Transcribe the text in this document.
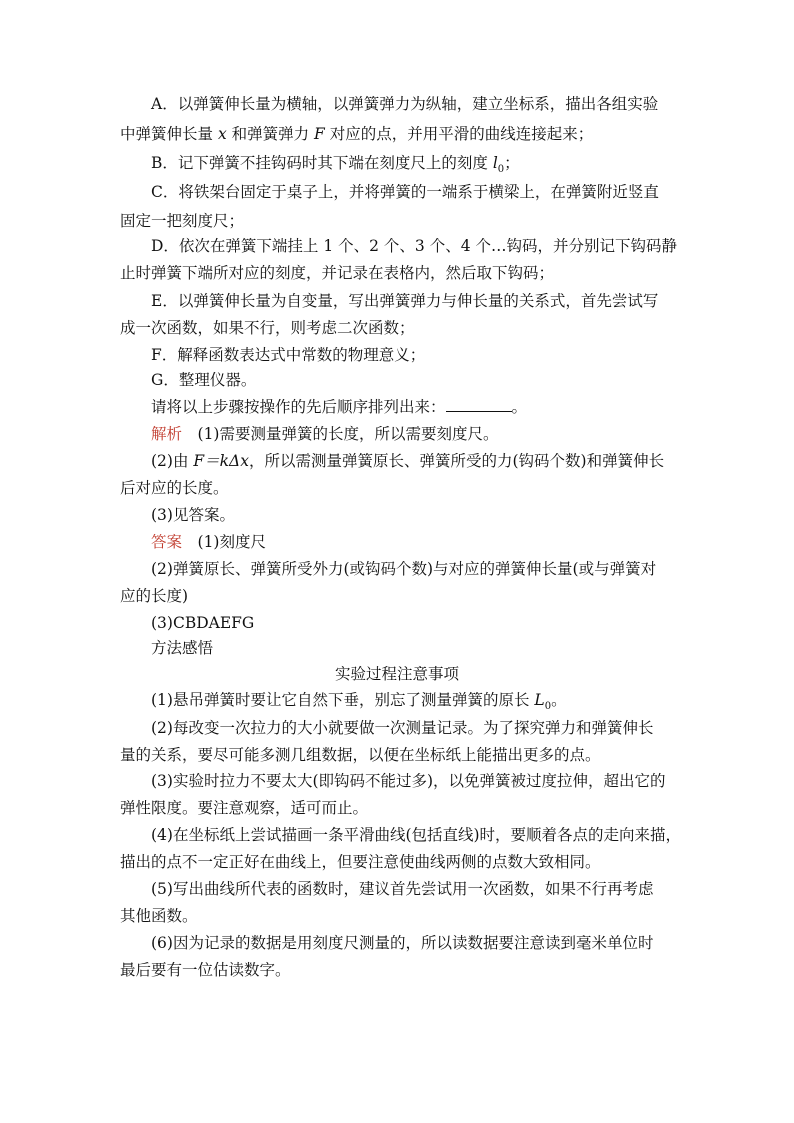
A．以弹簧伸长量为横轴，以弹簧弹力为纵轴，建立坐标系，描出各组实验
中弹簧伸长量 x 和弹簧弹力 F 对应的点，并用平滑的曲线连接起来；
B．记下弹簧不挂钩码时其下端在刻度尺上的刻度 $l_0$；
C．将铁架台固定于桌子上，并将弹簧的一端系于横梁上，在弹簧附近竖直
固定一把刻度尺；
D．依次在弹簧下端挂上 1 个、2 个、3 个、4 个…钩码，并分别记下钩码静
止时弹簧下端所对应的刻度，并记录在表格内，然后取下钩码；
E．以弹簧伸长量为自变量，写出弹簧弹力与伸长量的关系式，首先尝试写
成一次函数，如果不行，则考虑二次函数；
F．解释函数表达式中常数的物理意义；
G．整理仪器。
请将以上步骤按操作的先后顺序排列出来：	。
解析　(1)需要测量弹簧的长度，所以需要刻度尺。
(2)由 F＝kΔx，所以需测量弹簧原长、弹簧所受的力(钩码个数)和弹簧伸长
后对应的长度。
(3)见答案。
答案　(1)刻度尺
(2)弹簧原长、弹簧所受外力(或钩码个数)与对应的弹簧伸长量(或与弹簧对
应的长度)
(3)CBDAEFG
方法感悟
实验过程注意事项
(1)悬吊弹簧时要让它自然下垂，别忘了测量弹簧的原长 $L_0$。
(2)每改变一次拉力的大小就要做一次测量记录。为了探究弹力和弹簧伸长
量的关系，要尽可能多测几组数据，以便在坐标纸上能描出更多的点。
(3)实验时拉力不要太大(即钩码不能过多)，以免弹簧被过度拉伸，超出它的
弹性限度。要注意观察，适可而止。
(4)在坐标纸上尝试描画一条平滑曲线(包括直线)时，要顺着各点的走向来描，
描出的点不一定正好在曲线上，但要注意使曲线两侧的点数大致相同。
(5)写出曲线所代表的函数时，建议首先尝试用一次函数，如果不行再考虑
其他函数。
(6)因为记录的数据是用刻度尺测量的，所以读数据要注意读到毫米单位时
最后要有一位估读数字。
